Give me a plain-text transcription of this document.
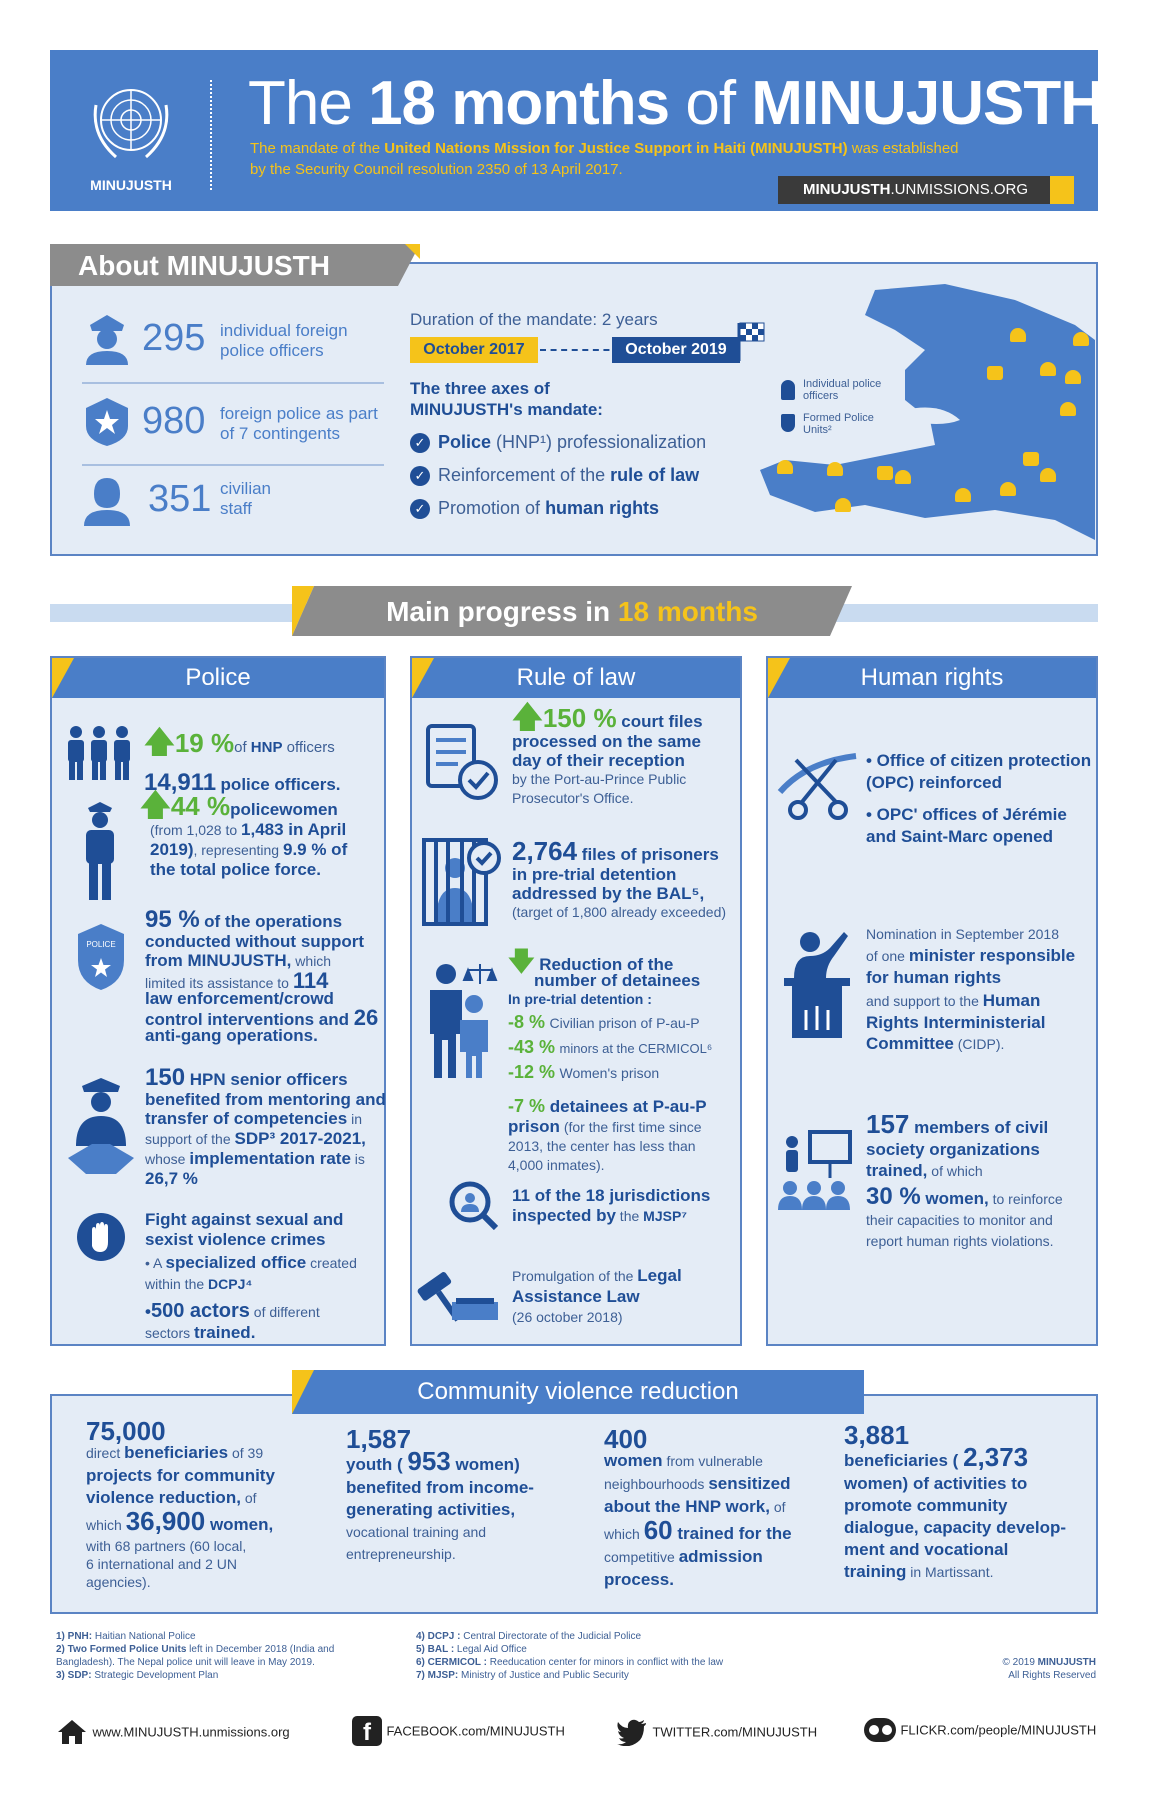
MINUJUSTH
The 18 months of MINUJUSTH
The mandate of the United Nations Mission for Justice Support in Haiti (MINUJUSTH) was established
by the Security Council resolution 2350 of 13 April 2017.
MINUJUSTH.UNMISSIONS.ORG
About MINUJUSTH
295 individual foreign
police officers
980 foreign police as part
of 7 contingents
351 civilian
staff
Duration of the mandate: 2 years
October 2017	October 2019
The three axes of
MINUJUSTH's mandate:
✓ Police (HNP¹) professionalization
✓ Reinforcement of the rule of law
✓ Promotion of human rights
Individual police
officers
Formed Police
Units²
Main progress in 18 months
Police
🡅19 %of HNP officers
14,911 police officers.
🡅44 %policewomen
(from 1,028 to 1,483 in April
2019), representing 9.9 % of
the total police force.
POLICE
95 % of the operations
conducted without support
from MINUJUSTH, which
limited its assistance to 114
law enforcement/crowd
control interventions and 26
anti-gang operations.
150 HPN senior officers
benefited from mentoring and
transfer of competencies in
support of the SDP³ 2017-2021,
whose implementation rate is
26,7 %
Fight against sexual and
sexist violence crimes
• A specialized office created
within the DCPJ⁴
•500 actors of different
sectors trained.
Rule of law
🡅150 % court files
processed on the same
day of their reception
by the Port-au-Prince Public
Prosecutor's Office.
2,764 files of prisoners
in pre-trial detention
addressed by the BAL⁵,
(target of 1,800 already exceeded)
🡇 Reduction of the
number of detainees
In pre-trial detention :
-8 % Civilian prison of P-au-P
-43 % minors at the CERMICOL⁶
-12 % Women's prison
-7 % detainees at P-au-P
prison (for the first time since
2013, the center has less than
4,000 inmates).
11 of the 18 jurisdictions
inspected by the MJSP⁷
Promulgation of the Legal
Assistance Law
(26 october 2018)
Human rights
• Office of citizen protection
(OPC) reinforced
• OPC' offices of Jérémie
and Saint-Marc opened
Nomination in September 2018
of one minister responsible
for human rights
and support to the Human
Rights Interministerial
Committee (CIDP).
157 members of civil
society organizations
trained, of which
30 % women, to reinforce
their capacities to monitor and
report human rights violations.
Community violence reduction
75,000
direct beneficiaries of 39
projects for community
violence reduction, of
which 36,900 women,
with 68 partners (60 local,
6 international and 2 UN
agencies).
1,587
youth ( 953 women)
benefited from income-
generating activities,
vocational training and
entrepreneurship.
400
women from vulnerable
neighbourhoods sensitized
about the HNP work, of
which 60 trained for the
competitive admission
process.
3,881
beneficiaries ( 2,373
women) of activities to
promote community
dialogue, capacity develop-
ment and vocational
training in Martissant.
1) PNH: Haitian National Police
2) Two Formed Police Units left in December 2018 (India and
Bangladesh). The Nepal police unit will leave in May 2019.
3) SDP: Strategic Development Plan
4) DCPJ : Central Directorate of the Judicial Police
5) BAL : Legal Aid Office
6) CERMICOL : Reeducation center for minors in conflict with the law
7) MJSP: Ministry of Justice and Public Security
© 2019 MINUJUSTH
All Rights Reserved
www.MINUJUSTH.unmissions.org	f FACEBOOK.com/MINUJUSTH	TWITTER.com/MINUJUSTH	FLICKR.com/people/MINUJUSTH
